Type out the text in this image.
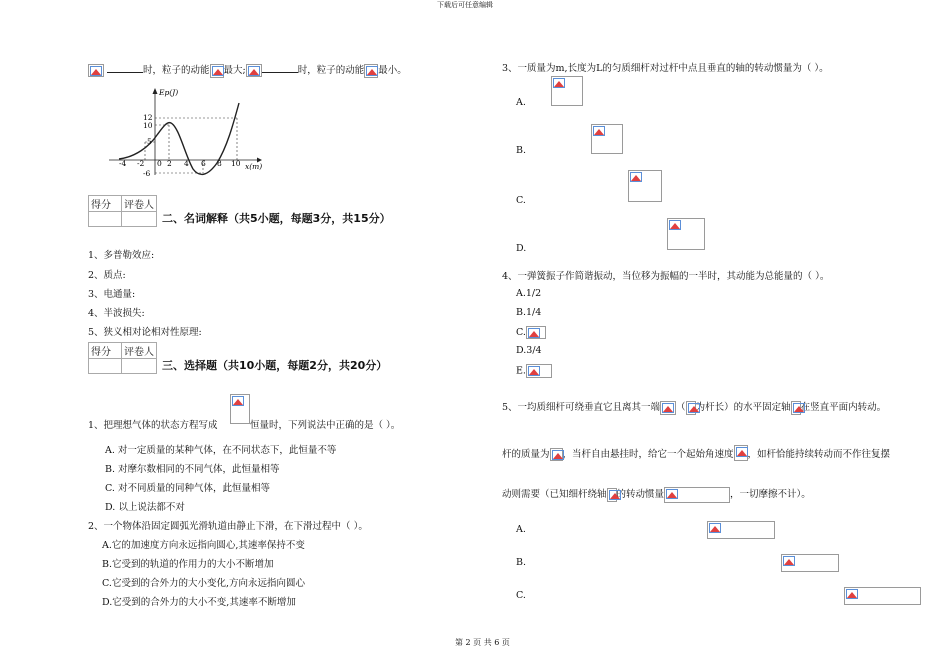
下载后可任意编辑
第 2 页 共 6 页
时，粒子的动能 最大;	时，粒子的动能 最小。
Ep(J)
x(m)
12
10
5
-6
-4 -2 0 2 4 6 8 10
得分	评卷人

二、名词解释（共5小题，每题3分，共15分）
1、多普勒效应:
2、质点:
3、电通量:
4、半波损失:
5、狭义相对论相对性原理:
得分	评卷人

三、选择题（共10小题，每题2分，共20分）

1、把理想气体的状态方程写成	恒量时，下列说法中正确的是（ ）。
A. 对一定质量的某种气体，在不同状态下，此恒量不等
B. 对摩尔数相同的不同气体，此恒量相等
C. 对不同质量的同种气体，此恒量相等
D. 以上说法都不对
2、一个物体沿固定圆弧光滑轨道由静止下滑，在下滑过程中（ ）。
A.它的加速度方向永远指向圆心,其速率保持不变
B.它受到的轨道的作用力的大小不断增加
C.它受到的合外力的大小变化,方向永远指向圆心
D.它受到的合外力的大小不变,其速率不断增加
3、一质量为m,长度为L的匀质细杆对过杆中点且垂直的轴的转动惯量为（ ）。
A.

B.

C.

D.

4、一弹簧振子作简谐振动，当位移为振幅的一半时，其动能为总能量的（ ）。
A.1/2
B.1/4
C.
D.3/4
E.
5、一均质细杆可绕垂直它且离其一端 （ 为杆长）的水平固定轴 在竖直平面内转动。
杆的质量为 ，当杆自由悬挂时，给它一个起始角速度 ，如杆恰能持续转动而不作往复摆
动则需要（已知细杆绕轴 的转动惯量	，一切摩擦不计）。
A.

B.

C.
